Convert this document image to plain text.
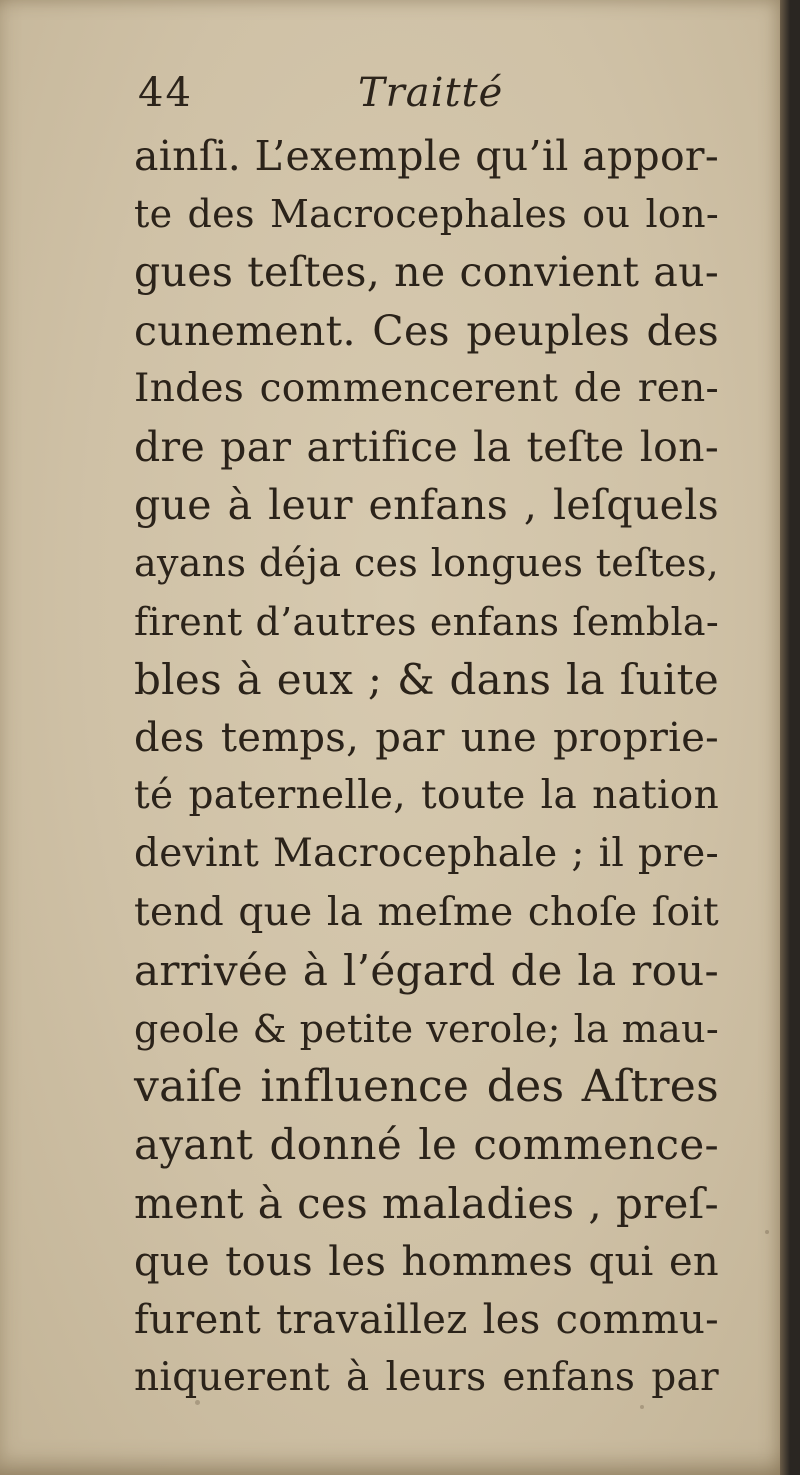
44	Traitté
ainſi. L’exemple qu’il appor-
te des Macrocephales ou lon-
gues teſtes, ne convient au-
cunement. Ces peuples des
Indes commencerent de ren-
dre par artifice la teſte lon-
gue à leur enfans , leſquels
ayans déja ces longues teſtes,
firent d’autres enfans ſembla-
bles à eux ; & dans la ſuite
des temps, par une proprie-
té paternelle, toute la nation
devint Macrocephale ; il pre-
tend que la meſme choſe ſoit
arrivée à l’égard de la rou-
geole & petite verole; la mau-
vaiſe influence des Aſtres
ayant donné le commence-
ment à ces maladies , preſ-
que tous les hommes qui en
furent travaillez les commu-
niquerent à leurs enfans par
